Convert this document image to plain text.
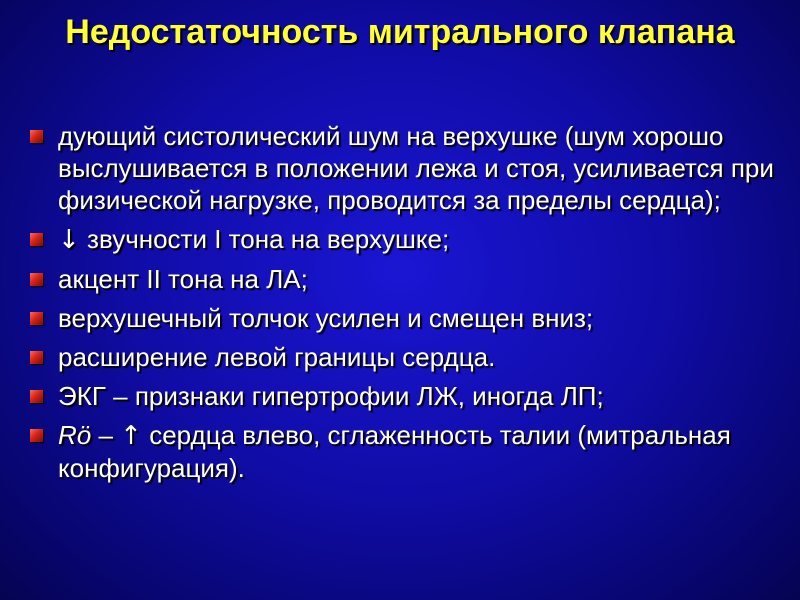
Недостаточность митрального клапана
дующий систолический шум на верхушке (шум хорошо выслушивается в положении лежа и стоя, усиливается при физической нагрузке, проводится за пределы сердца);
↓ звучности I тона на верхушке;
акцент II тона на ЛА;
верхушечный толчок усилен и смещен вниз;
расширение левой границы сердца.
ЭКГ – признаки гипертрофии ЛЖ, иногда ЛП;
Rö – ↑ сердца влево, сглаженность талии (митральная конфигурация).
